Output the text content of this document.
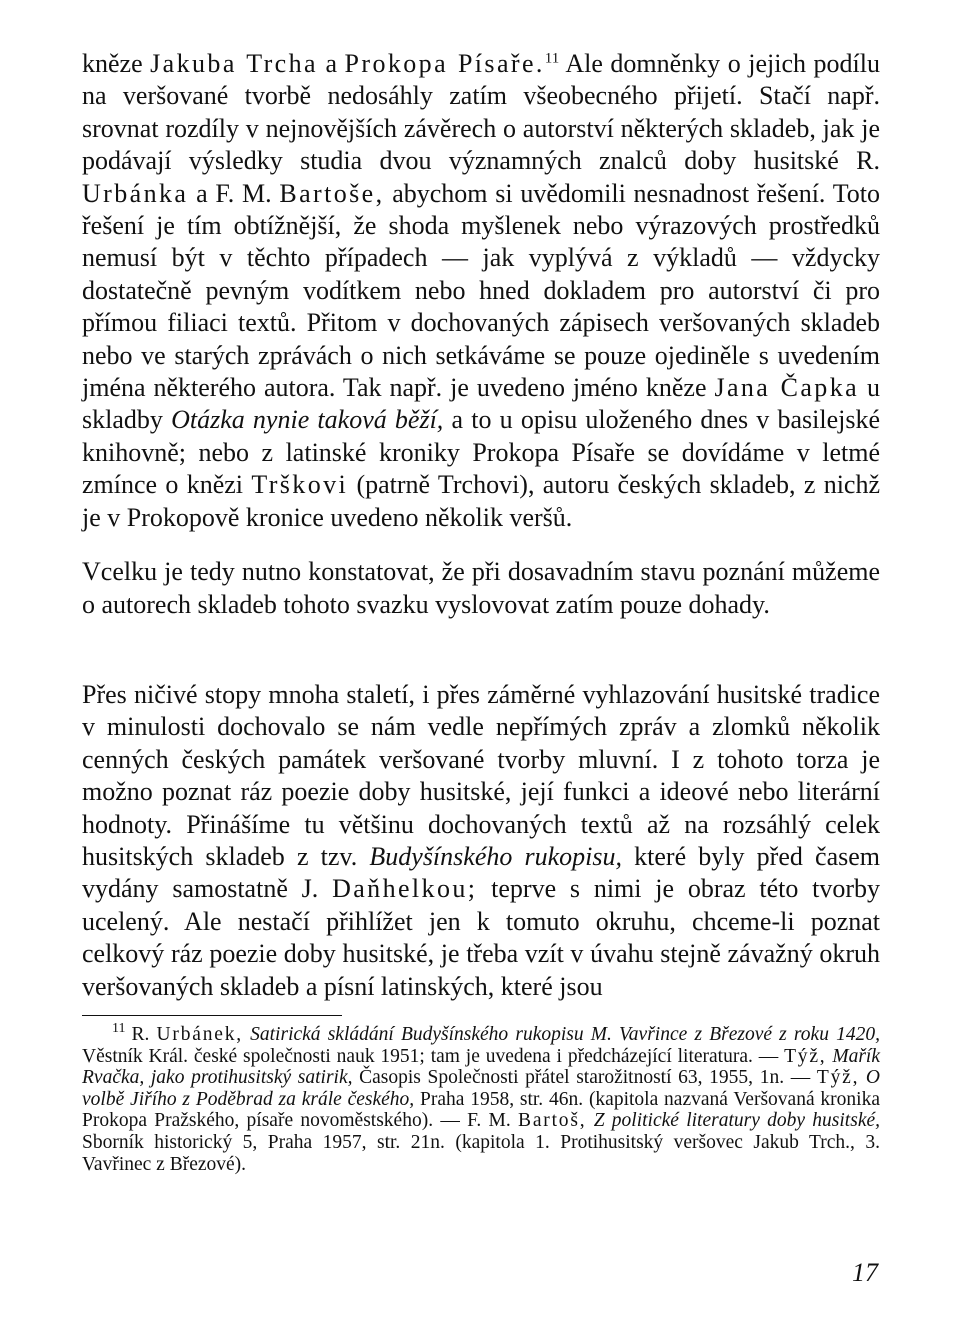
kněze Jakuba Trcha a Prokopa Písaře.$^{11}$ Ale domněnky o jejich podílu na veršované tvorbě nedosáhly zatím všeobecného přijetí. Stačí např. srovnat rozdíly v nejnovějších závěrech o autorství některých skladeb, jak je podávají výsledky studia dvou významných znalců doby husitské R. Urbánka a F. M. Bartoše, abychom si uvědomili nesnadnost řešení. Toto řešení je tím obtížnější, že shoda myšlenek nebo výrazových prostředků nemusí být v těchto případech — jak vyplývá z výkladů — vždycky dostatečně pevným vodítkem nebo hned dokladem pro autorství či pro přímou filiaci textů. Přitom v dochovaných zápisech veršovaných skladeb nebo ve starých zprávách o nich setkáváme se pouze ojediněle s uvedením jména některého autora. Tak např. je uvedeno jméno kněze Jana Čapka u skladby Otázka nynie taková běží, a to u opisu uloženého dnes v basilejské knihovně; nebo z latinské kroniky Prokopa Písaře se dovídáme v letmé zmínce o knězi Trškovi (patrně Trchovi), autoru českých skladeb, z nichž je v Prokopově kronice uvedeno několik veršů.

Vcelku je tedy nutno konstatovat, že při dosavadním stavu poznání můžeme o autorech skladeb tohoto svazku vyslovovat zatím pouze dohady.

Přes ničivé stopy mnoha staletí, i přes záměrné vyhlazování husitské tradice v minulosti dochovalo se nám vedle nepřímých zpráv a zlomků několik cenných českých památek veršované tvorby mluvní. I z tohoto torza je možno poznat ráz poezie doby husitské, její funkci a ideové nebo literární hodnoty. Přinášíme tu většinu dochovaných textů až na rozsáhlý celek husitských skladeb z tzv. Budyšínského rukopisu, které byly před časem vydány samostatně J. Daňhelkou; teprve s nimi je obraz této tvorby ucelený. Ale nestačí přihlížet jen k tomuto okruhu, chceme-li poznat celkový ráz poezie doby husitské, je třeba vzít v úvahu stejně závažný okruh veršovaných skladeb a písní latinských, které jsou

$^{11}$ R. Urbánek, Satirická skládání Budyšínského rukopisu M. Vavřince z Březové z roku 1420, Věstník Král. české společnosti nauk 1951; tam je uvedena i předcházející literatura. — Týž, Mařík Rvačka, jako protihusitský satirik, Časopis Společnosti přátel starožitností 63, 1955, 1n. — Týž, O volbě Jiřího z Poděbrad za krále českého, Praha 1958, str. 46n. (kapitola nazvaná Veršovaná kronika Prokopa Pražského, písaře novoměstského). — F. M. Bartoš, Z politické literatury doby husitské, Sborník historický 5, Praha 1957, str. 21n. (kapitola 1. Protihusitský veršovec Jakub Trch., 3. Vavřinec z Březové).

17
